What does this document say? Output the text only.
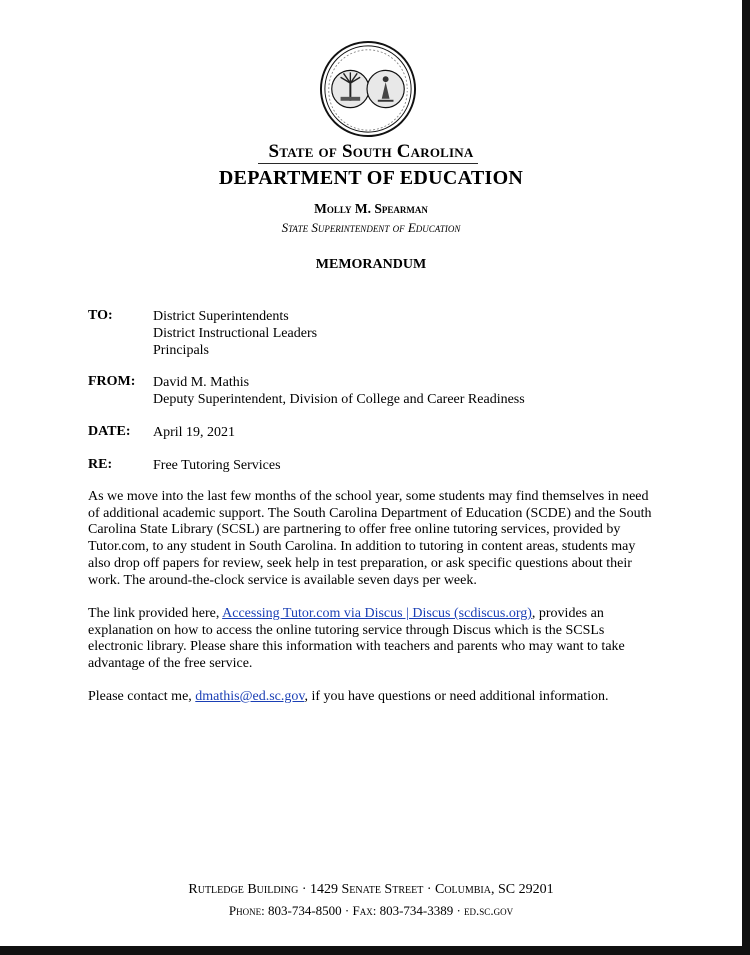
State of South Carolina
DEPARTMENT OF EDUCATION
Molly M. Spearman
State Superintendent of Education
MEMORANDUM
TO:	District Superintendents
District Instructional Leaders
Principals
FROM: David M. Mathis
Deputy Superintendent, Division of College and Career Readiness
DATE: April 19, 2021
RE:	Free Tutoring Services
As we move into the last few months of the school year, some students may find themselves in need of additional academic support. The South Carolina Department of Education (SCDE) and the South Carolina State Library (SCSL) are partnering to offer free online tutoring services, provided by Tutor.com, to any student in South Carolina. In addition to tutoring in content areas, students may also drop off papers for review, seek help in test preparation, or ask specific questions about their work. The around-the-clock service is available seven days per week.
The link provided here, Accessing Tutor.com via Discus | Discus (scdiscus.org), provides an explanation on how to access the online tutoring service through Discus which is the SCSLs electronic library. Please share this information with teachers and parents who may want to take advantage of the free service.
Please contact me, dmathis@ed.sc.gov, if you have questions or need additional information.
Rutledge Building · 1429 Senate Street · Columbia, SC 29201
Phone: 803-734-8500 · Fax: 803-734-3389 · ed.sc.gov
